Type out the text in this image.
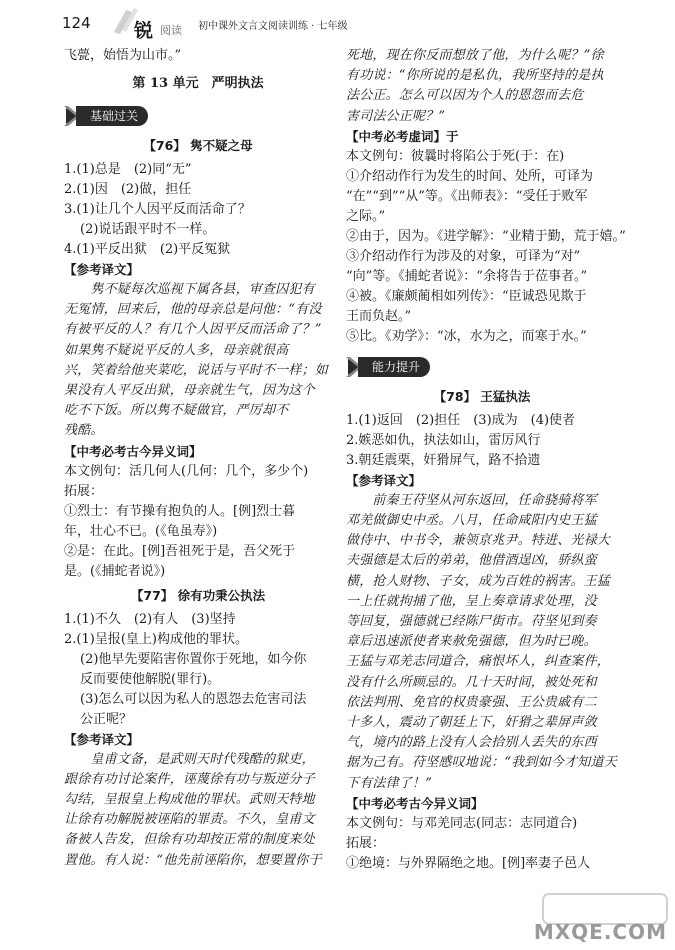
124 锐 阅读 初中课外文言文阅读训练 · 七年级
飞甍，始悟为山市。”
第 13 单元　严明执法
基础过关
【76】 隽不疑之母
1.(1)总是　(2)同“无”
2.(1)因　(2)做，担任
3.(1)让几个人因平反而活命了？
(2)说话跟平时不一样。
4.(1)平反出狱　(2)平反冤狱
【参考译文】
　　隽不疑每次巡视下属各县，审查囚犯有
无冤情，回来后，他的母亲总是问他：“有没
有被平反的人？有几个人因平反而活命了？”
如果隽不疑说平反的人多，母亲就很高
兴，笑着给他夹菜吃，说话与平时不一样；如
果没有人平反出狱，母亲就生气，因为这个
吃不下饭。所以隽不疑做官，严厉却不
残酷。
【中考必考古今异义词】
本文例句：活几何人(几何：几个，多少个)
拓展：
①烈士：有节操有抱负的人。[例]烈士暮
年，壮心不已。(《龟虽寿》)
②是：在此。[例]吾祖死于是，吾父死于
是。(《捕蛇者说》)
【77】 徐有功秉公执法
1.(1)不久　(2)有人　(3)坚持
2.(1)呈报(皇上)构成他的罪状。
(2)他早先要陷害你置你于死地，如今你
反而要使他解脱(罪行)。
(3)怎么可以因为私人的恩怨去危害司法
公正呢？
【参考译文】
　　皇甫文备，是武则天时代残酷的狱吏，
跟徐有功讨论案件，诬蔑徐有功与叛逆分子
勾结，呈报皇上构成他的罪状。武则天特地
让徐有功解脱被诬陷的罪责。不久，皇甫文
备被人告发，但徐有功却按正常的制度来处
置他。有人说：“他先前诬陷你，想要置你于
死地，现在你反而想放了他，为什么呢？”徐
有功说：“你所说的是私仇，我所坚持的是执
法公正。怎么可以因为个人的恩怨而去危
害司法公正呢？”
【中考必考虚词】于
本文例句：彼曩时将陷公于死(于：在)
①介绍动作行为发生的时间、处所，可译为
“在”“到”“从”等。《出师表》：“受任于败军
之际。”
②由于，因为。《进学解》：“业精于勤，荒于嬉。”
③介绍动作行为涉及的对象，可译为“对”
“向”等。《捕蛇者说》：“余将告于莅事者。”
④被。《廉颇蔺相如列传》：“臣诚恐见欺于
王而负赵。”
⑤比。《劝学》：“冰，水为之，而寒于水。”
能力提升
【78】 王猛执法
1.(1)返回　(2)担任　(3)成为　(4)使者
2.嫉恶如仇，执法如山，雷厉风行
3.朝廷震栗，奸猾屏气，路不拾遗
【参考译文】
　　前秦王苻坚从河东返回，任命骁骑将军
邓羌做御史中丞。八月，任命咸阳内史王猛
做侍中、中书令，兼领京兆尹。特进、光禄大
夫强德是太后的弟弟，他借酒逞凶，骄纵蛮
横，抢人财物、子女，成为百姓的祸害。王猛
一上任就拘捕了他，呈上奏章请求处理，没
等回复，强德就已经陈尸街市。苻坚见到奏
章后迅速派使者来赦免强德，但为时已晚。
王猛与邓羌志同道合，痛恨坏人，纠查案件，
没有什么所顾忌的。几十天时间，被处死和
依法判刑、免官的权贵豪强、王公贵戚有二
十多人，震动了朝廷上下，奸猾之辈屏声敛
气，境内的路上没有人会拾别人丢失的东西
据为己有。苻坚感叹地说：“我到如今才知道天
下有法律了！”
【中考必考古今异义词】
本文例句：与邓羌同志(同志：志同道合)
拓展：
①绝境：与外界隔绝之地。[例]率妻子邑人
MXQE.COM
